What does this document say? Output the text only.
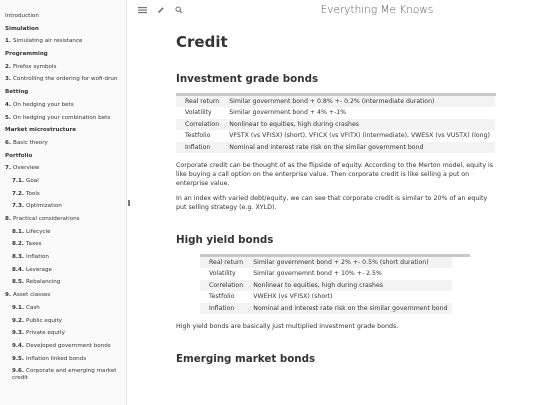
Introduction
Simulation
1. Simulating air resistance
Programming
2. Firefox symbols
3. Controlling the ordering for wofi-drun
Betting
4. On hedging your bets
5. On hedging your combination bets
Market microstructure
6. Basic theory
Portfolio
7. Overview
7.1. Goal
7.2. Tools
7.3. Optimization
8. Practical considerations
8.1. Lifecycle
8.2. Taxes
8.3. Inflation
8.4. Leverage
8.5. Rebalancing
9. Asset classes
9.1. Cash
9.2. Public equity
9.3. Private equity
9.4. Developed government bonds
9.5. Inflation linked bonds
9.6. Corporate and emerging market credit
Everything Me Knows
Credit
Investment grade bonds
Real return	Similar government bond + 0.8% +- 0.2% (intermediate duration)
Volatility	Similar government bond + 4% +-1%
Correlation	Nonlinear to equities, high during crashes
Testfolio	VFSTX (vs VFISX) (short), VFICX (vs VFITX) (intermediate), VWESX (vs VUSTX) (long)
Inflation	Nominal and interest rate risk on the similar government bond

Corporate credit can be thought of as the flipside of equity. According to the Merton model, equity is like buying a call option on the enterprise value. Then corporate credit is like selling a put on enterprise value.

In an index with varied debt/equity, we can see that corporate credit is similar to 20% of an equity put selling strategy (e.g. XYLD).

High yield bonds
Real return	Similar government bond + 2% +- 0.5% (short duration)
Volatility	Similar governemnt bond + 10% +- 2.5%
Correlation	Nonlinear to equities, high during crashes
Testfolio	VWEHX (vs VFISX) (short)
Inflation	Nominal and interest rate risk on the similar government bond

High yield bonds are basically just multiplied investment grade bonds.

Emerging market bonds
